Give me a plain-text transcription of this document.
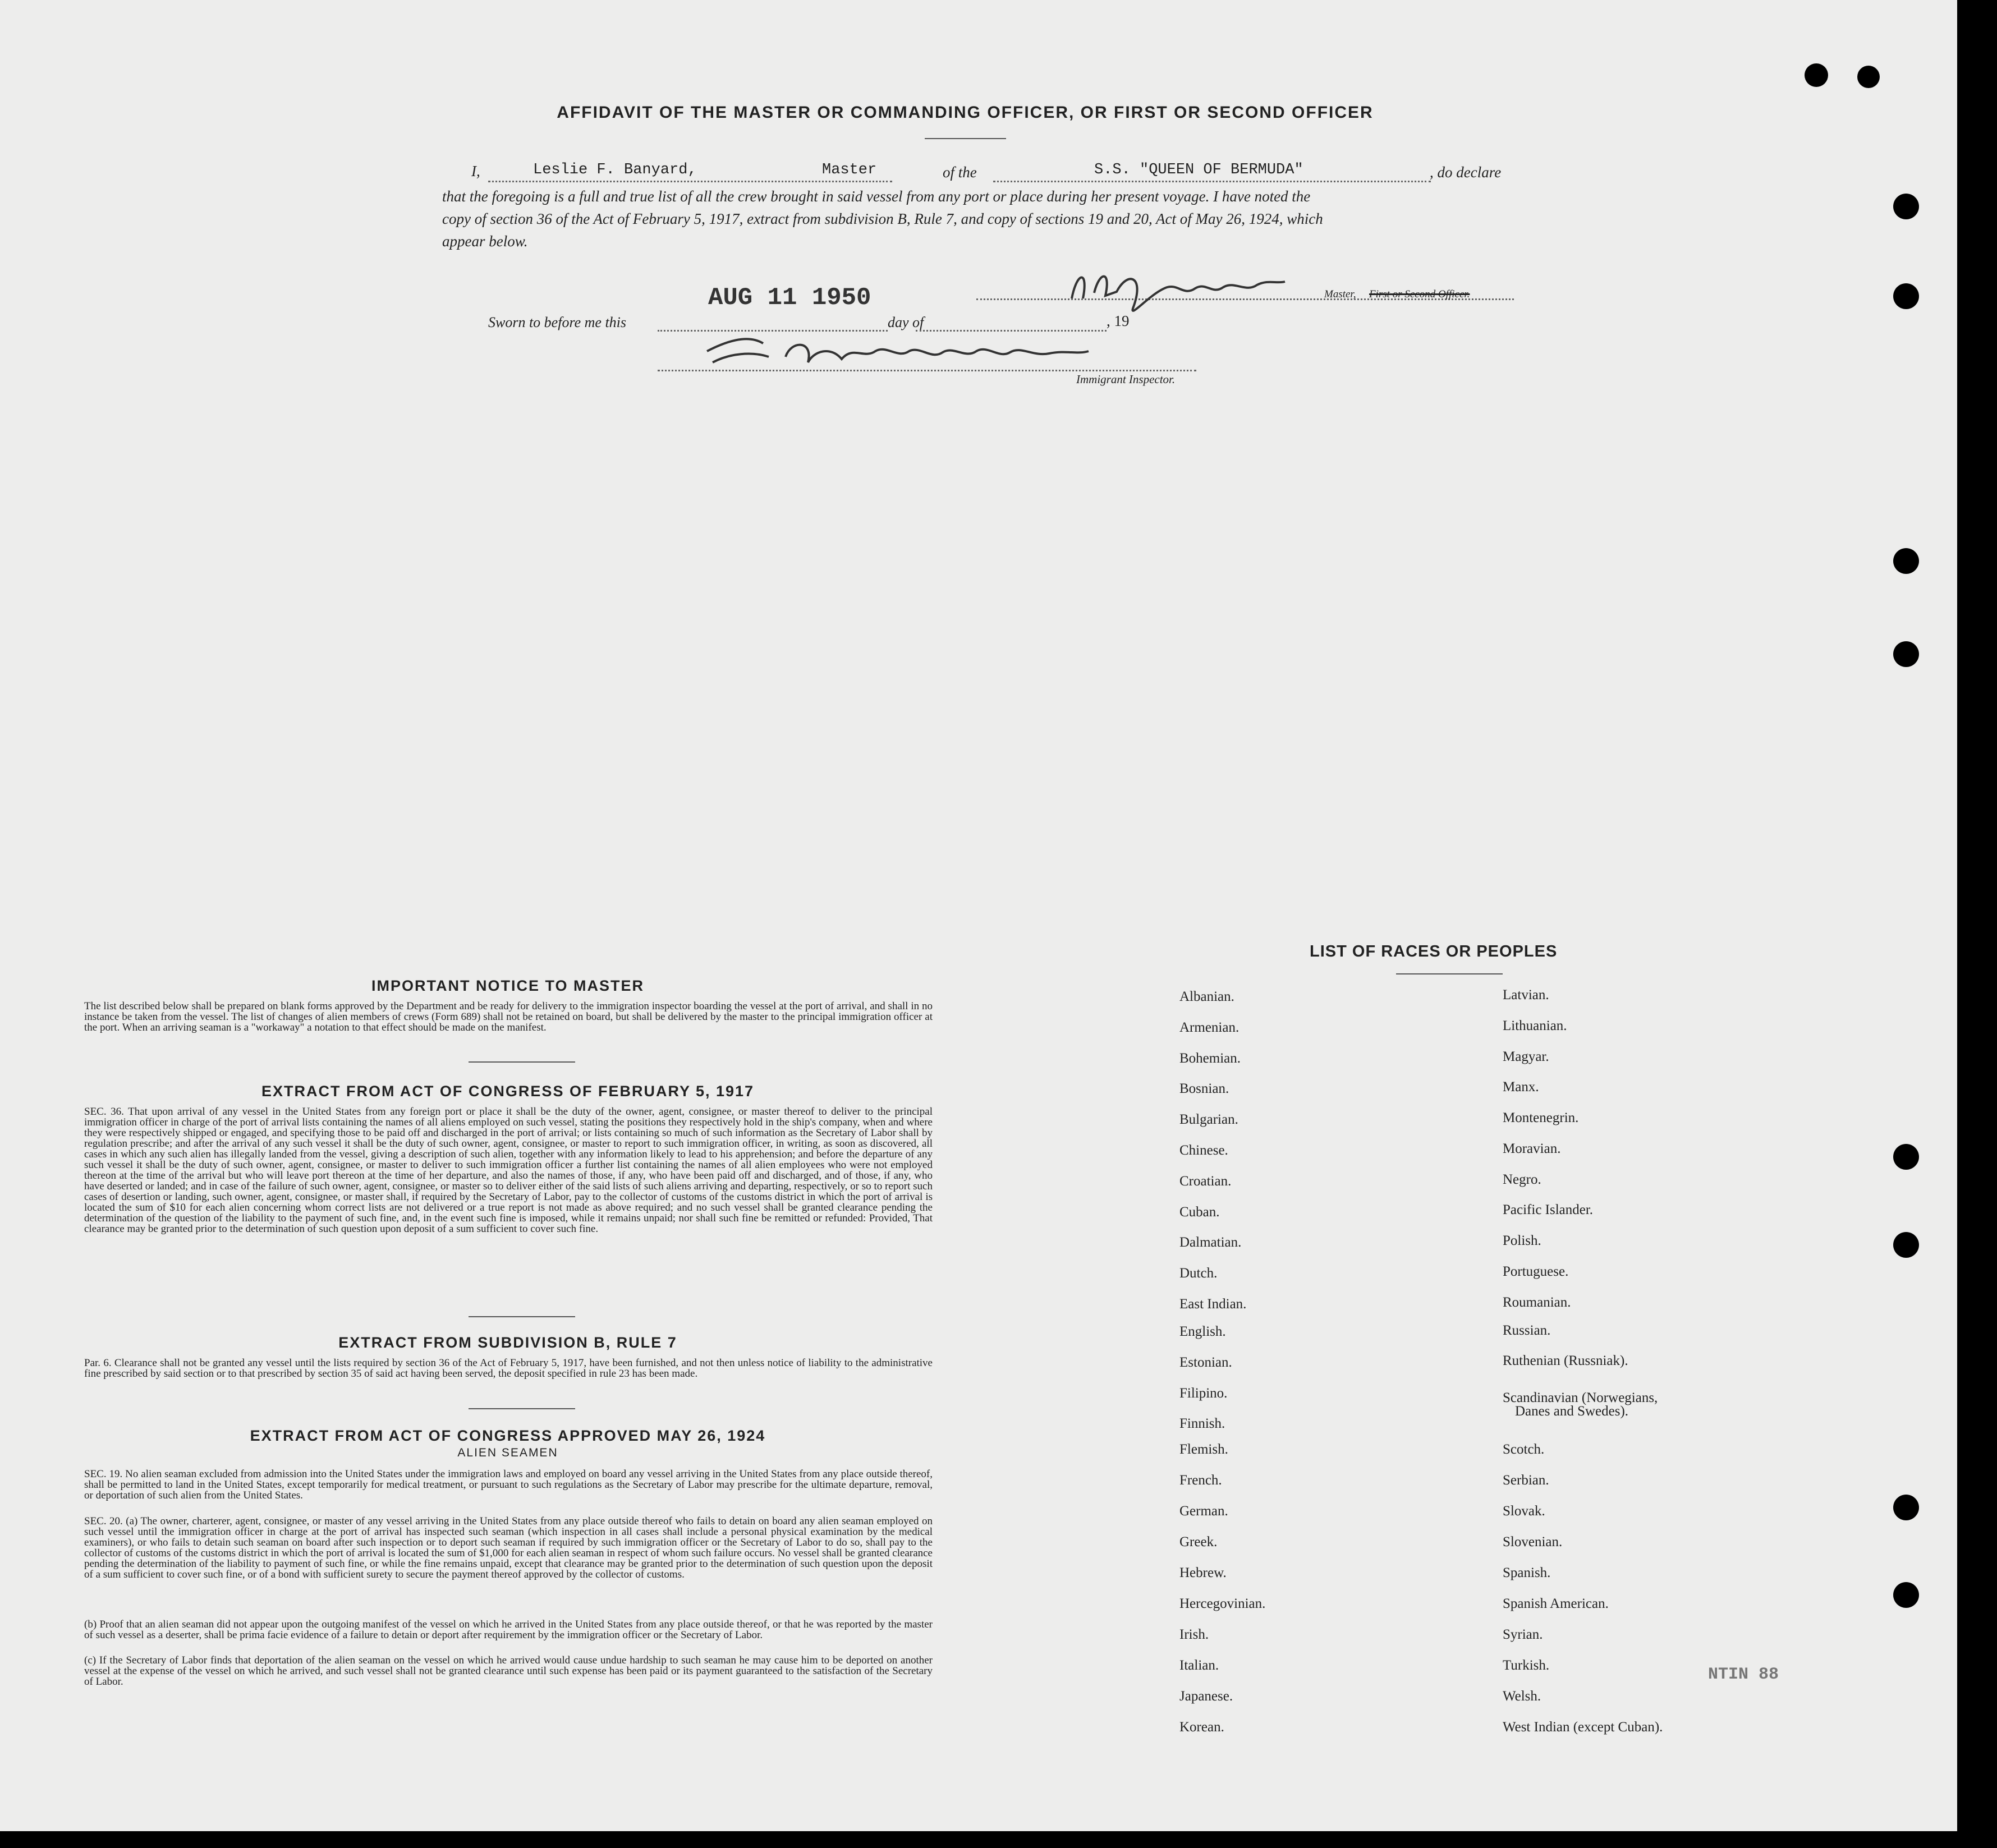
AFFIDAVIT OF THE MASTER OR COMMANDING OFFICER, OR FIRST OR SECOND OFFICER
I,	Leslie F. Banyard,	Master	of the	S.S. "QUEEN OF BERMUDA"	, do declare
that the foregoing is a full and true list of all the crew brought in said vessel from any port or place during her present voyage. I have noted the
copy of section 36 of the Act of February 5, 1917, extract from subdivision B, Rule 7, and copy of sections 19 and 20, Act of May 26, 1924, which
appear below.
Master, First or Second Officer.
Sworn to before me this
AUG 11 1950
day of	, 19
Immigrant Inspector.
IMPORTANT NOTICE TO MASTER
The list described below shall be prepared on blank forms approved by the Department and be ready for delivery to the immigration inspector boarding the vessel at the port of arrival, and shall in no instance be taken from the vessel. The list of changes of alien members of crews (Form 689) shall not be retained on board, but shall be delivered by the master to the principal immigration officer at the port. When an arriving seaman is a "workaway" a notation to that effect should be made on the manifest.
EXTRACT FROM ACT OF CONGRESS OF FEBRUARY 5, 1917
SEC. 36. That upon arrival of any vessel in the United States from any foreign port or place it shall be the duty of the owner, agent, consignee, or master thereof to deliver to the principal immigration officer in charge of the port of arrival lists containing the names of all aliens employed on such vessel, stating the positions they respectively hold in the ship's company, when and where they were respectively shipped or engaged, and specifying those to be paid off and discharged in the port of arrival; or lists containing so much of such information as the Secretary of Labor shall by regulation prescribe; and after the arrival of any such vessel it shall be the duty of such owner, agent, consignee, or master to report to such immigration officer, in writing, as soon as discovered, all cases in which any such alien has illegally landed from the vessel, giving a description of such alien, together with any information likely to lead to his apprehension; and before the departure of any such vessel it shall be the duty of such owner, agent, consignee, or master to deliver to such immigration officer a further list containing the names of all alien employees who were not employed thereon at the time of the arrival but who will leave port thereon at the time of her departure, and also the names of those, if any, who have been paid off and discharged, and of those, if any, who have deserted or landed; and in case of the failure of such owner, agent, consignee, or master so to deliver either of the said lists of such aliens arriving and departing, respectively, or so to report such cases of desertion or landing, such owner, agent, consignee, or master shall, if required by the Secretary of Labor, pay to the collector of customs of the customs district in which the port of arrival is located the sum of $10 for each alien concerning whom correct lists are not delivered or a true report is not made as above required; and no such vessel shall be granted clearance pending the determination of the question of the liability to the payment of such fine, and, in the event such fine is imposed, while it remains unpaid; nor shall such fine be remitted or refunded: Provided, That clearance may be granted prior to the determination of such question upon deposit of a sum sufficient to cover such fine.
EXTRACT FROM SUBDIVISION B, RULE 7
Par. 6. Clearance shall not be granted any vessel until the lists required by section 36 of the Act of February 5, 1917, have been furnished, and not then unless notice of liability to the administrative fine prescribed by said section or to that prescribed by section 35 of said act having been served, the deposit specified in rule 23 has been made.
EXTRACT FROM ACT OF CONGRESS APPROVED MAY 26, 1924
ALIEN SEAMEN
SEC. 19. No alien seaman excluded from admission into the United States under the immigration laws and employed on board any vessel arriving in the United States from any place outside thereof, shall be permitted to land in the United States, except temporarily for medical treatment, or pursuant to such regulations as the Secretary of Labor may prescribe for the ultimate departure, removal, or deportation of such alien from the United States.
SEC. 20. (a) The owner, charterer, agent, consignee, or master of any vessel arriving in the United States from any place outside thereof who fails to detain on board any alien seaman employed on such vessel until the immigration officer in charge at the port of arrival has inspected such seaman (which inspection in all cases shall include a personal physical examination by the medical examiners), or who fails to detain such seaman on board after such inspection or to deport such seaman if required by such immigration officer or the Secretary of Labor to do so, shall pay to the collector of customs of the customs district in which the port of arrival is located the sum of $1,000 for each alien seaman in respect of whom such failure occurs. No vessel shall be granted clearance pending the determination of the liability to payment of such fine, or while the fine remains unpaid, except that clearance may be granted prior to the determination of such question upon the deposit of a sum sufficient to cover such fine, or of a bond with sufficient surety to secure the payment thereof approved by the collector of customs.
(b) Proof that an alien seaman did not appear upon the outgoing manifest of the vessel on which he arrived in the United States from any place outside thereof, or that he was reported by the master of such vessel as a deserter, shall be prima facie evidence of a failure to detain or deport after requirement by the immigration officer or the Secretary of Labor.
(c) If the Secretary of Labor finds that deportation of the alien seaman on the vessel on which he arrived would cause undue hardship to such seaman he may cause him to be deported on another vessel at the expense of the vessel on which he arrived, and such vessel shall not be granted clearance until such expense has been paid or its payment guaranteed to the satisfaction of the Secretary of Labor.
LIST OF RACES OR PEOPLES
Albanian.
Armenian.
Bohemian.
Bosnian.
Bulgarian.
Chinese.
Croatian.
Cuban.
Dalmatian.
Dutch.
East Indian.
English.
Estonian.
Filipino.
Finnish.
Flemish.
French.
German.
Greek.
Hebrew.
Hercegovinian.
Irish.
Italian.
Japanese.
Korean.
Latvian.
Lithuanian.
Magyar.
Manx.
Montenegrin.
Moravian.
Negro.
Pacific Islander.
Polish.
Portuguese.
Roumanian.
Russian.
Ruthenian (Russniak).
Scandinavian (Norwegians,
Danes and Swedes).
Scotch.
Serbian.
Slovak.
Slovenian.
Spanish.
Spanish American.
Syrian.
Turkish.
Welsh.
West Indian (except Cuban).
NTIN 88
